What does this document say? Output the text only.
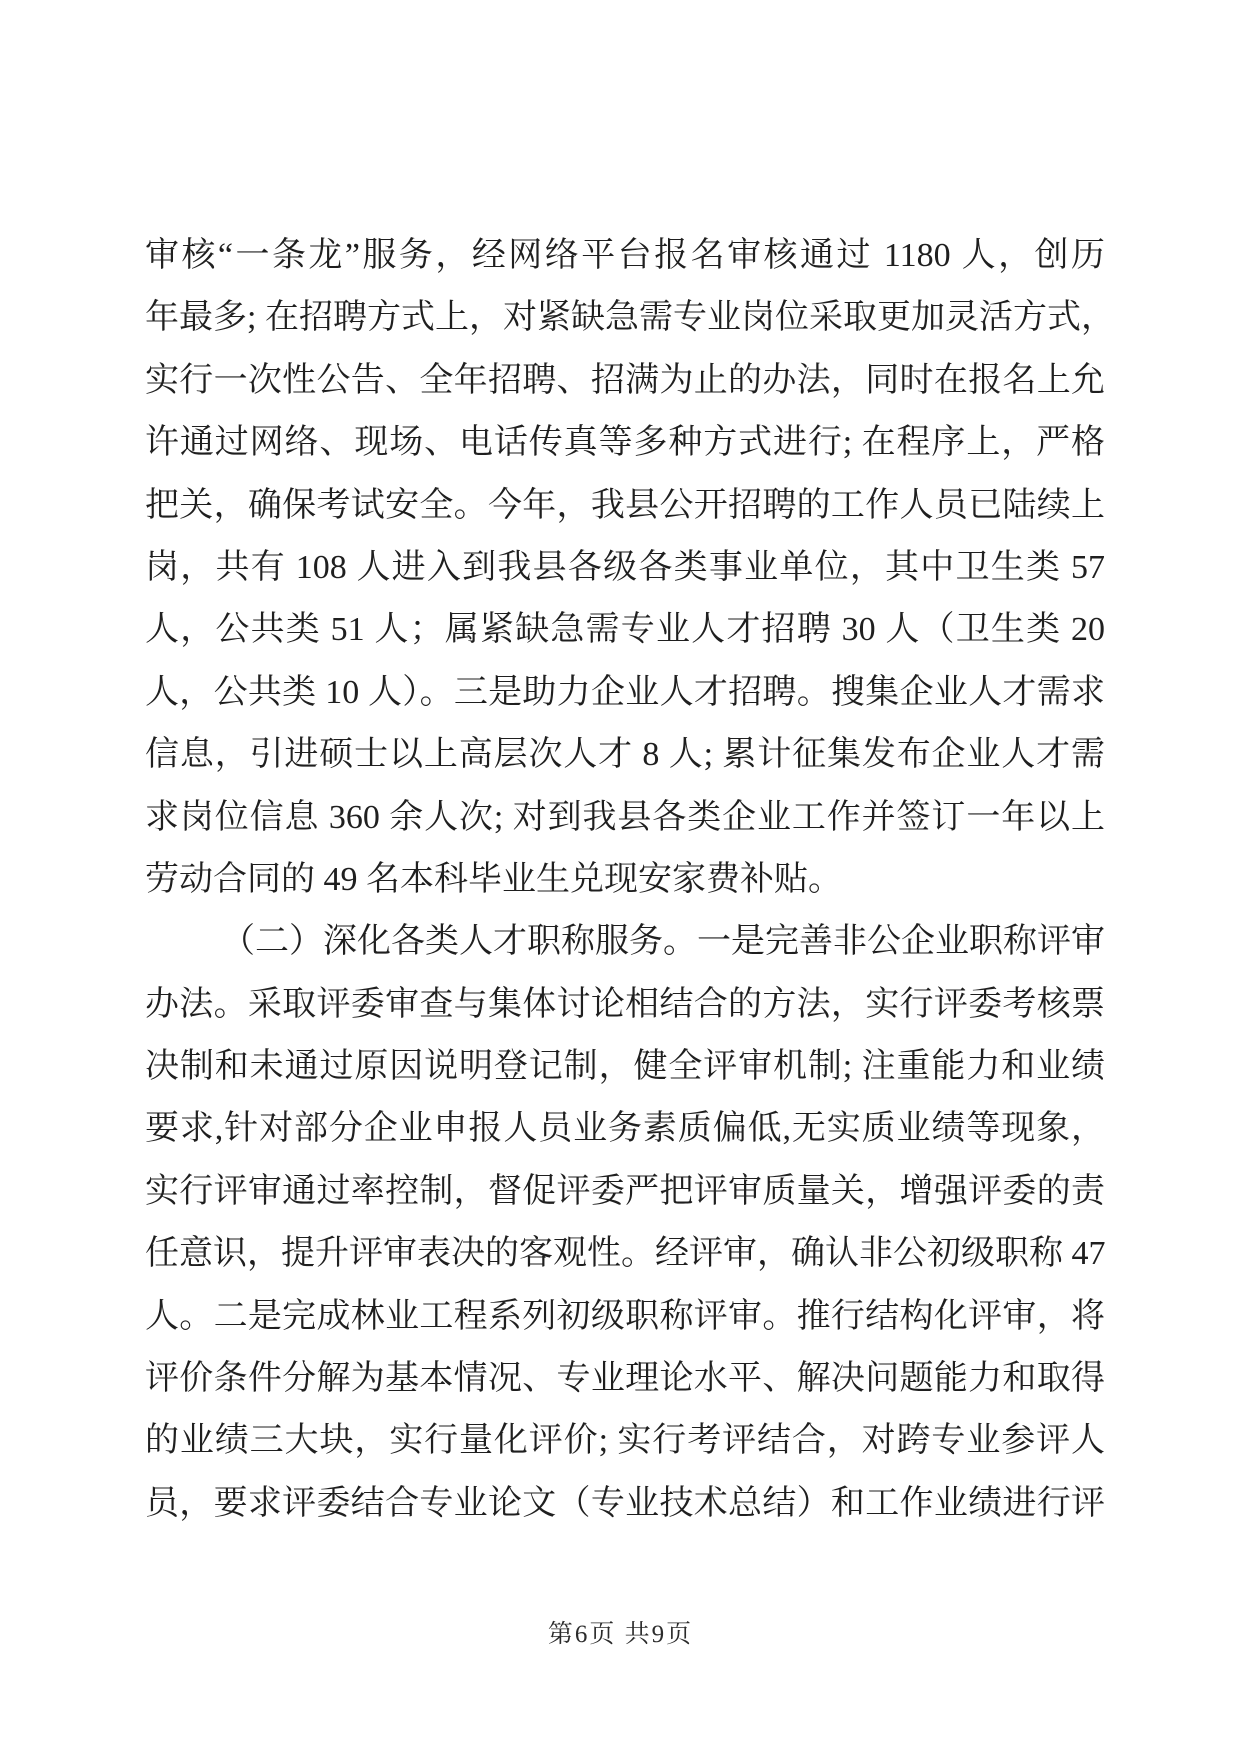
审核“一条龙”服务，经网络平台报名审核通过 1180 人，创历
年最多; 在招聘方式上，对紧缺急需专业岗位采取更加灵活方式，
实行一次性公告、全年招聘、招满为止的办法，同时在报名上允
许通过网络、现场、电话传真等多种方式进行; 在程序上，严格
把关，确保考试安全。今年，我县公开招聘的工作人员已陆续上
岗，共有 108 人进入到我县各级各类事业单位，其中卫生类 57
人，公共类 51 人；属紧缺急需专业人才招聘 30 人（卫生类 20
人，公共类 10 人）。三是助力企业人才招聘。搜集企业人才需求
信息，引进硕士以上高层次人才 8 人; 累计征集发布企业人才需
求岗位信息 360 余人次; 对到我县各类企业工作并签订一年以上
劳动合同的 49 名本科毕业生兑现安家费补贴。
（二）深化各类人才职称服务。一是完善非公企业职称评审
办法。采取评委审查与集体讨论相结合的方法，实行评委考核票
决制和未通过原因说明登记制，健全评审机制; 注重能力和业绩
要求,针对部分企业申报人员业务素质偏低,无实质业绩等现象，
实行评审通过率控制，督促评委严把评审质量关，增强评委的责
任意识，提升评审表决的客观性。经评审，确认非公初级职称 47
人。二是完成林业工程系列初级职称评审。推行结构化评审，将
评价条件分解为基本情况、专业理论水平、解决问题能力和取得
的业绩三大块，实行量化评价; 实行考评结合，对跨专业参评人
员，要求评委结合专业论文（专业技术总结）和工作业绩进行评
第6页 共9页
